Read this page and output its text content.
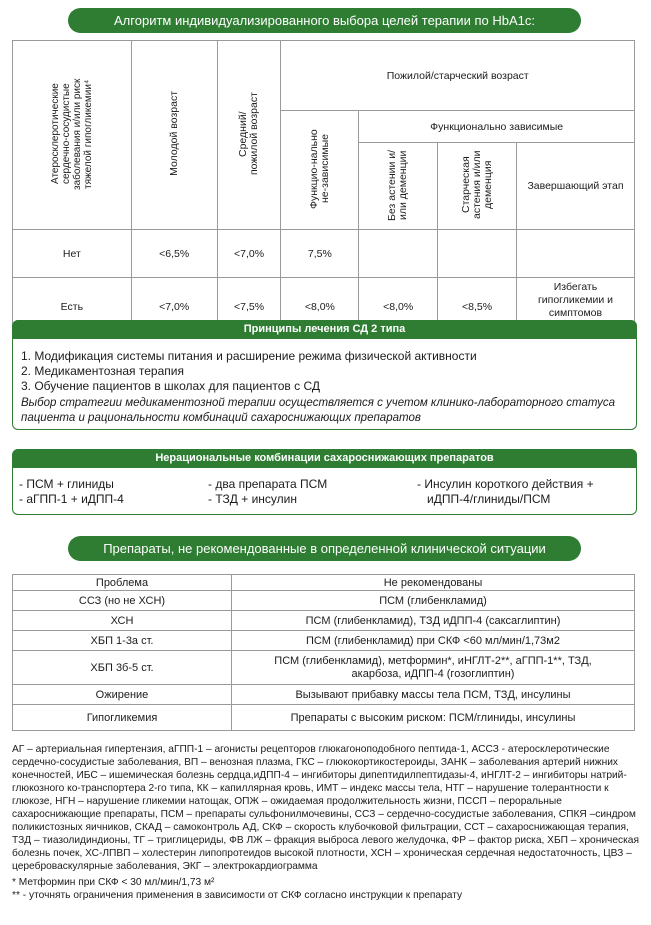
Алгоритм индивидуализированного выбора целей терапии по HbA1c:
Атеросклеротические сердечно-сосудистые заболевания и/или риск тяжелой гипогликемии⁴	Молодой возраст	Средний/ пожилой возраст	Пожилой/старческий возраст			
			Функцио-нально не-зависимые	Функционально зависимые		
				Без астении и/или деменции	Старческая астения и/или деменция	Завершающий этап
Нет	<6,5%	<7,0%	7,5%			
Есть	<7,0%	<7,5%	<8,0%	<8,0%	<8,5%	Избегать гипогликемии и симптомов
Принципы лечения СД 2 типа
1. Модификация системы питания и расширение режима физической активности
2. Медикаментозная терапия
3. Обучение пациентов в школах для пациентов с СД
Выбор стратегии медикаментозной терапии осуществляется с учетом клинико-лабораторного статуса пациента и рациональности комбинаций сахароснижающих препаратов
Нерациональные комбинации сахароснижающих препаратов
- ПСМ + глиниды
- аГПП-1 + иДПП-4
- два препарата ПСМ
- ТЗД + инсулин
- Инсулин короткого действия +
иДПП-4/глиниды/ПСМ
Препараты, не рекомендованные в определенной клинической ситуации
Проблема	Не рекомендованы
ССЗ (но не ХСН)	ПСМ (глибенкламид)
ХСН	ПСМ (глибенкламид), ТЗД иДПП-4 (саксаглиптин)
ХБП 1-3а ст.	ПСМ (глибенкламид) при СКФ <60 мл/мин/1,73м2
ХБП 3б-5 ст.	ПСМ (глибенкламид), метформин*, иНГЛТ-2**, аГПП-1**, ТЗД, акарбоза, иДПП-4 (гозоглиптин)
Ожирение	Вызывают прибавку массы тела ПСМ, ТЗД, инсулины
Гипогликемия	Препараты с высоким риском: ПСМ/глиниды, инсулины

АГ – артериальная гипертензия, аГПП-1 – агонисты рецепторов глюкагоноподобного пептида-1, АССЗ - атеросклеротические сердечно-сосудистые заболевания, ВП – венозная плазма, ГКС – глюкокортикостероиды, ЗАНК – заболевания артерий нижних конечностей, ИБС – ишемическая болезнь сердца,иДПП-4 – ингибиторы дипептидилпептидазы-4, иНГЛТ-2 – ингибиторы натрий-глюкозного ко-транспортера 2-го типа, КК – капиллярная кровь, ИМТ – индекс массы тела, НТГ – нарушение толерантности к глюкозе, НГН – нарушение гликемии натощак, ОПЖ – ожидаемая продолжительность жизни, ПССП – пероральные сахароснижающие препараты, ПСМ – препараты сульфонилмочевины, ССЗ – сердечно-сосудистые заболевания, СПКЯ –синдром поликистозных яичников, СКАД – самоконтроль АД, СКФ – скорость клубочковой фильтрации, ССТ – сахароснижающая терапия, ТЗД – тиазолидиндионы, ТГ – триглицериды, ФВ ЛЖ – фракция выброса левого желудочка, ФР – фактор риска, ХБП – хроническая болезнь почек, ХС-ЛПВП – холестерин липопротеидов высокой плотности, ХСН – хроническая сердечная недостаточность, ЦВЗ – цереброваскулярные заболевания, ЭКГ – электрокардиограмма

* Метформин при СКФ < 30 мл/мин/1,73 м²

** - уточнять ограничения применения в зависимости от СКФ согласно инструкции к препарату
